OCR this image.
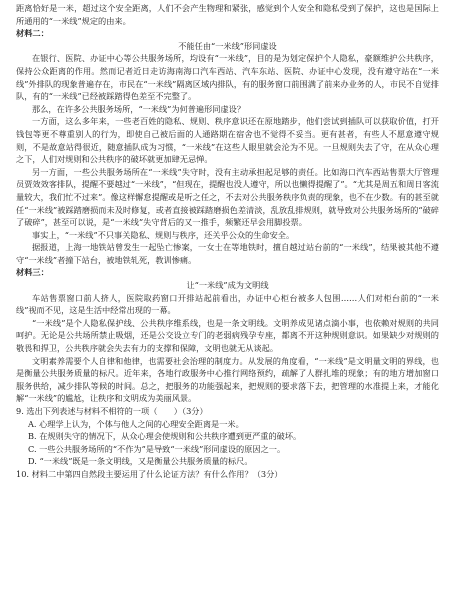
距离恰好是一米，超过这个安全距离，人们不会产生物理和紧张，感觉到个人安全和隐私受到了保护，这也是国际上所通用的“一米线”规定的由来。

材料二：

不能任由“一米线”形同虚设

在银行、医院、办证中心等公共服务场所，均设有“一米线”，目的是为划定保护个人隐私，豪额维护公共秩序，保持公众距离的作用。然而记者近日走访海南海口汽车西站、汽车东站、医院、办证中心发现，没有遵守站在“一米线”外排队的现象普遍存在，市民在“一米线”隔离区域内排队，有的服务窗口前围满了前来办业务的人，市民不自觉排队，有的“一米线”已经被踩踏得色差至不完整了。

那么，在许多公共服务场所，“一米线”为何普遍形同虚设？

一方面，这么多年来，一些老百姓的隐私、规则、秩序意识还在原地踏步，他们尝试到插队可以获取价值，打开钱包等更不尊重别人的行为，即使自己被后面的人通路期在宿舍也不觉得不妥当。更有甚者，有些人不愿意遵守规则，不是故意站得很近，随意插队成为习惯，“一米线”在这些人眼里就会沦为不见。一旦规则失去了守，在从众心理之下，人们对规则和公共秩序的破坏就更加肆无忌惮。

另一方面，一些公共服务场所在“一米线”失守时，没有主动承担起足够的责任。比如海口汽车西站售票大厅管理员贾效效客排队，提醒不要越过“一米线”，“但现在，提醒也没人遵守，所以也懒得提醒了”。“尤其是周五和周日客流量较大，我们忙不过来”。像这样懈怠提醒或是听之任之，不去对公共服务秩序负责的现象，也不在少数。有的甚至就任“一米线”被踩踏磨损而未及时修复，或者直接被踩踏磨损色差清淡，乱放乱排规则，就导致对公共服务场所的“破碎了破碎”，甚至可以说，是“一米线”失守背后的又一推手，频繁还早会用脚投票。

事实上，“一米线”不只事关隐私、规则与秩序，还关乎公众的生命安全。

据报道，上海一地铁站曾发生一起坠亡惨案，一女士在等地铁时，擅自越过站台前的“一米线”，结果被其他不遵守“一米线”者撞下站台，被地铁轧死，教训惨痛。

材料三：

让“一米线”成为文明线

车站售票窗口前人挤人，医院取药窗口开排站起前看出，办证中心柜台被多人包围……人们对柜台前的“一米线”视而不见，这是生活中经常出现的一幕。

“一米线”是个人隐私保护线、公共秩序维系线，也是一条文明线。文明养成见诸点滴小事，也依赖对规则的共同呵护。无论是公共场所禁止吸烟，还是公交设立专门的老弱病残孕专座，都离不开这种规则意识。如果缺少对规则的敬畏和捍卫，公共秩序就会失去有力的支撑和保障，文明也就无从谈起。

文明素养需要个人自律和他律，也需要社会治理的制度力。从发展的角度看，“一米线”是文明量文明的界线，也是衡量公共服务质量的标尺。近年来，各地行政服务中心推行网络预约，疏解了人群扎堆的现象；有的地方增加窗口服务供给，减少排队等候的时间。总之，把服务的功能强起来，把规则的要求落下去，把管理的水准提上来，才能化解“一米线”的尴尬，让秩序和文明成为美丽风景。

9. 选出下列表述与材料不相符的一项（　　）（3分）

A. 心理学上认为，个体与他人之间的心理安全距离是一米。

B. 在规则失守的情况下，从众心理会使规则和公共秩序遭到更严重的破坏。

C. 一些公共服务场所的“不作为”是导致“一米线”形同虚设的原因之一。

D. “一米线”既是一条文明线，又是衡量公共服务质量的标尺。

10. 材料二中第四自然段主要运用了什么论证方法？有什么作用？（3分）
